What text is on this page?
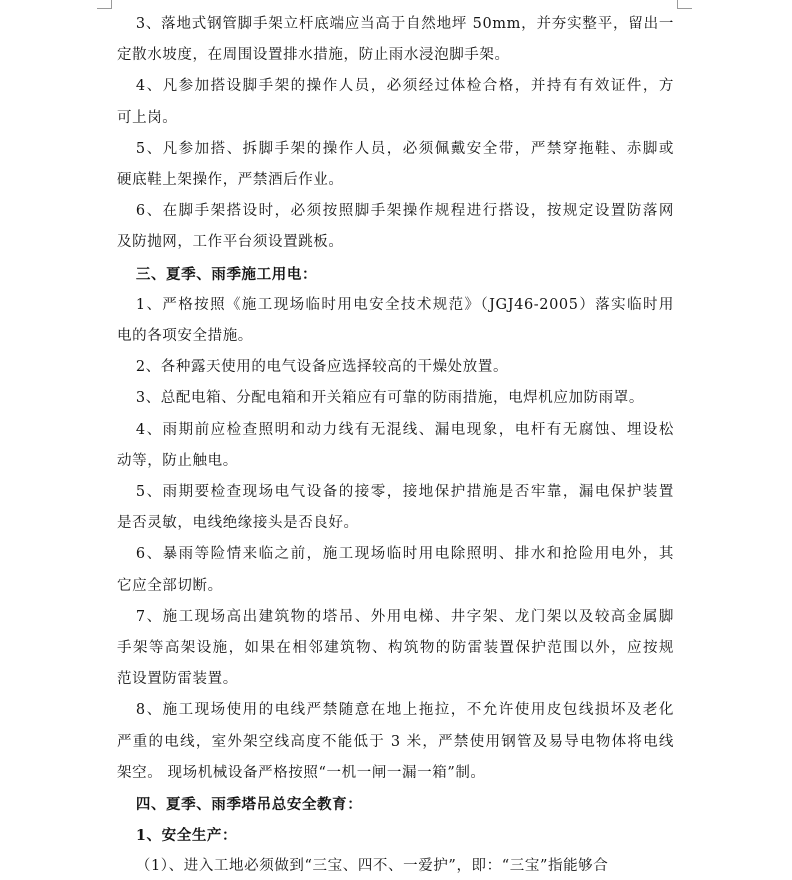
3、落地式钢管脚手架立杆底端应当高于自然地坪 50mm，并夯实整平，留出一
定散水坡度，在周围设置排水措施，防止雨水浸泡脚手架。
4、凡参加搭设脚手架的操作人员，必须经过体检合格，并持有有效证件，方
可上岗。
5、凡参加搭、拆脚手架的操作人员，必须佩戴安全带，严禁穿拖鞋、赤脚或
硬底鞋上架操作，严禁酒后作业。
6、在脚手架搭设时，必须按照脚手架操作规程进行搭设，按规定设置防落网
及防抛网，工作平台须设置跳板。
三、夏季、雨季施工用电：
1、严格按照《施工现场临时用电安全技术规范》（JGJ46-2005）落实临时用
电的各项安全措施。
2、各种露天使用的电气设备应选择较高的干燥处放置。
3、总配电箱、分配电箱和开关箱应有可靠的防雨措施，电焊机应加防雨罩。
4、雨期前应检查照明和动力线有无混线、漏电现象，电杆有无腐蚀、埋设松
动等，防止触电。
5、雨期要检查现场电气设备的接零，接地保护措施是否牢靠，漏电保护装置
是否灵敏，电线绝缘接头是否良好。
6、暴雨等险情来临之前，施工现场临时用电除照明、排水和抢险用电外，其
它应全部切断。
7、施工现场高出建筑物的塔吊、外用电梯、井字架、龙门架以及较高金属脚
手架等高架设施，如果在相邻建筑物、构筑物的防雷装置保护范围以外，应按规
范设置防雷装置。
8、施工现场使用的电线严禁随意在地上拖拉，不允许使用皮包线损坏及老化
严重的电线，室外架空线高度不能低于 3 米，严禁使用钢管及易导电物体将电线
架空。 现场机械设备严格按照“一机一闸一漏一箱”制。
四、夏季、雨季塔吊总安全教育：
1、安全生产：
（1）、进入工地必须做到“三宝、四不、一爱护”，即：“三宝”指能够合
